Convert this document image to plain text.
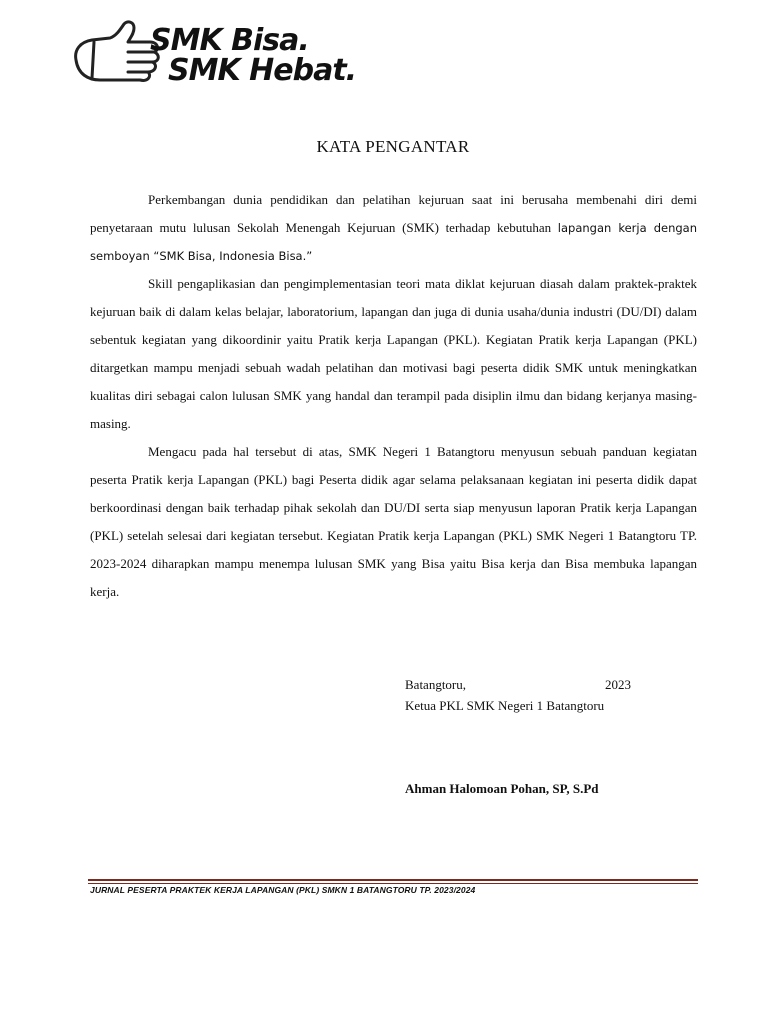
SMK Bisa.
SMK Hebat.
KATA PENGANTAR

Perkembangan dunia pendidikan dan pelatihan kejuruan saat ini berusaha membenahi diri demi penyetaraan mutu lulusan Sekolah Menengah Kejuruan (SMK) terhadap kebutuhan lapangan kerja dengan semboyan “SMK Bisa, Indonesia Bisa.”

Skill pengaplikasian dan pengimplementasian teori mata diklat kejuruan diasah dalam praktek-praktek kejuruan baik di dalam kelas belajar, laboratorium, lapangan dan juga di dunia usaha/dunia industri (DU/DI) dalam sebentuk kegiatan yang dikoordinir yaitu Pratik kerja Lapangan (PKL). Kegiatan Pratik kerja Lapangan (PKL) ditargetkan mampu menjadi sebuah wadah pelatihan dan motivasi bagi peserta didik SMK untuk meningkatkan kualitas diri sebagai calon lulusan SMK yang handal dan terampil pada disiplin ilmu dan bidang kerjanya masing-masing.

Mengacu pada hal tersebut di atas, SMK Negeri 1 Batangtoru menyusun sebuah panduan kegiatan peserta Pratik kerja Lapangan (PKL) bagi Peserta didik agar selama pelaksanaan kegiatan ini peserta didik dapat berkoordinasi dengan baik terhadap pihak sekolah dan DU/DI serta siap menyusun laporan Pratik kerja Lapangan (PKL) setelah selesai dari kegiatan tersebut. Kegiatan Pratik kerja Lapangan (PKL) SMK Negeri 1 Batangtoru TP. 2023-2024 diharapkan mampu menempa lulusan SMK yang Bisa yaitu Bisa kerja dan Bisa membuka lapangan kerja.

Batangtoru,	2023
Ketua PKL SMK Negeri 1 Batangtoru
Ahman Halomoan Pohan, SP, S.Pd
JURNAL PESERTA PRAKTEK KERJA LAPANGAN (PKL) SMKN 1 BATANGTORU TP. 2023/2024
